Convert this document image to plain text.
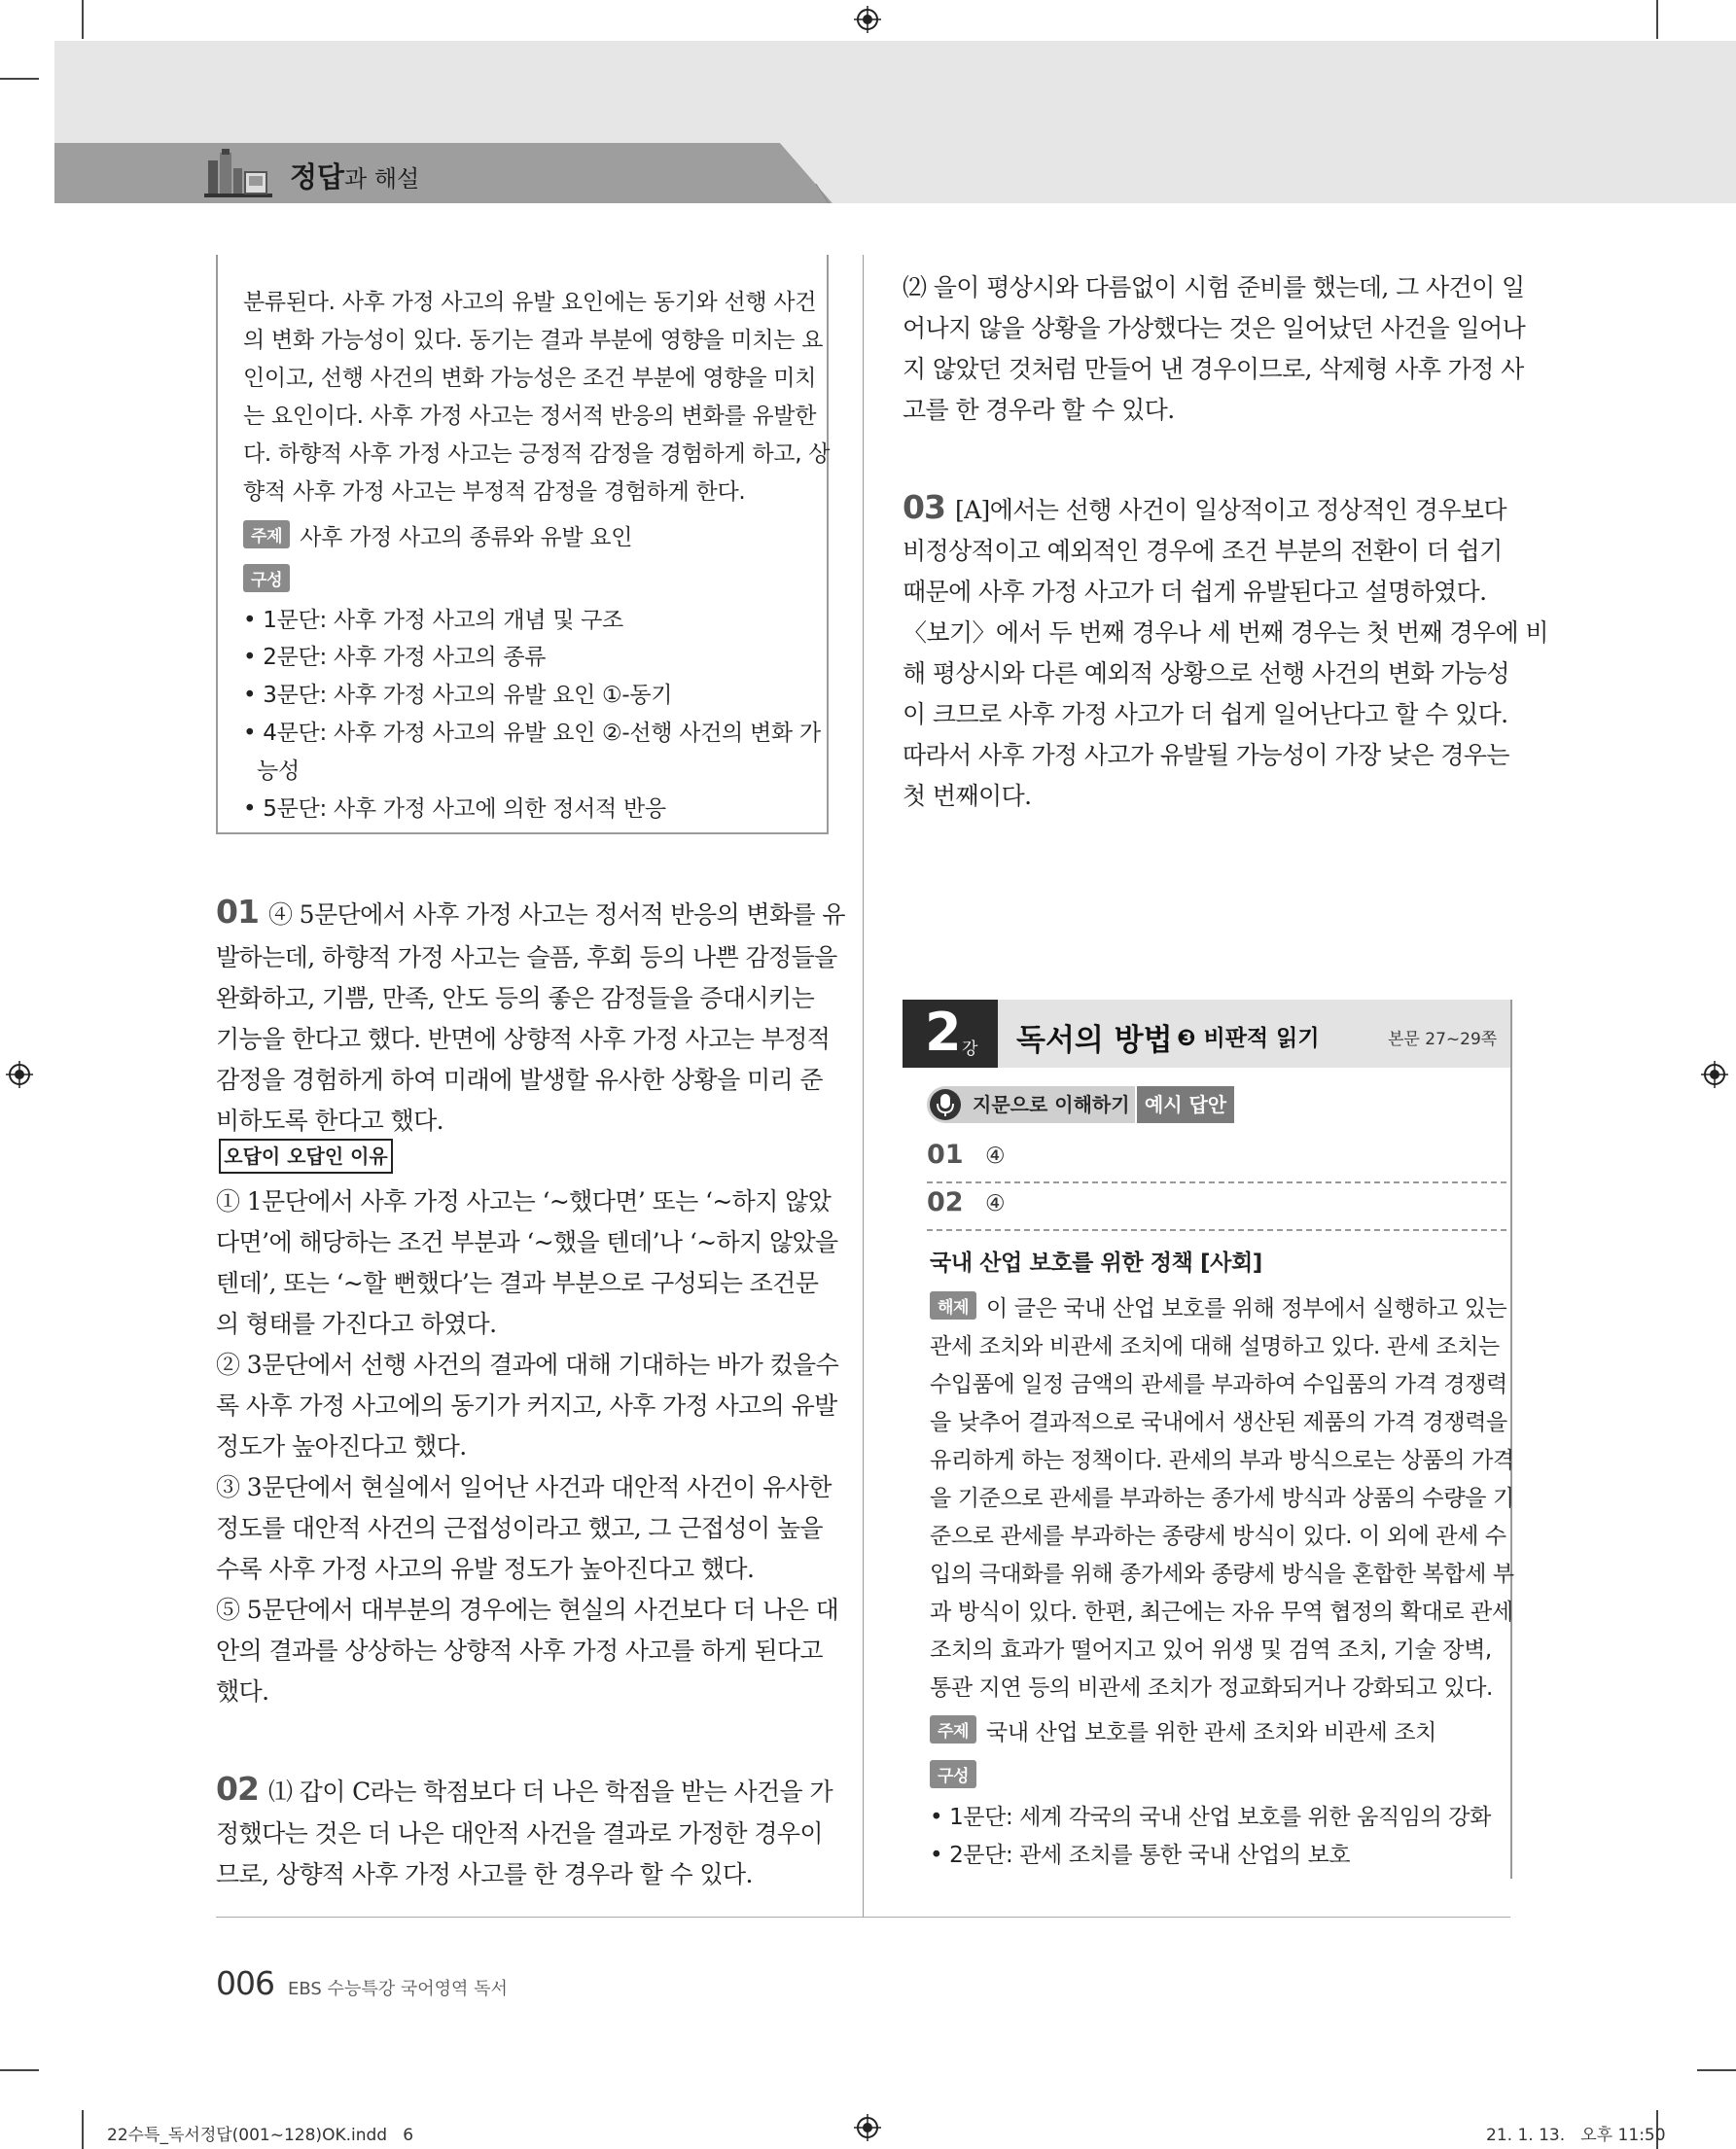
정답과 해설
분류된다. 사후 가정 사고의 유발 요인에는 동기와 선행 사건
의 변화 가능성이 있다. 동기는 결과 부분에 영향을 미치는 요
인이고, 선행 사건의 변화 가능성은 조건 부분에 영향을 미치
는 요인이다. 사후 가정 사고는 정서적 반응의 변화를 유발한
다. 하향적 사후 가정 사고는 긍정적 감정을 경험하게 하고, 상
향적 사후 가정 사고는 부정적 감정을 경험하게 한다.
주제 사후 가정 사고의 종류와 유발 요인
구성
• 1문단: 사후 가정 사고의 개념 및 구조
• 2문단: 사후 가정 사고의 종류
• 3문단: 사후 가정 사고의 유발 요인 ①-동기
• 4문단: 사후 가정 사고의 유발 요인 ②-선행 사건의 변화 가
능성
• 5문단: 사후 가정 사고에 의한 정서적 반응
01 ④ 5문단에서 사후 가정 사고는 정서적 반응의 변화를 유
발하는데, 하향적 가정 사고는 슬픔, 후회 등의 나쁜 감정들을
완화하고, 기쁨, 만족, 안도 등의 좋은 감정들을 증대시키는
기능을 한다고 했다. 반면에 상향적 사후 가정 사고는 부정적
감정을 경험하게 하여 미래에 발생할 유사한 상황을 미리 준
비하도록 한다고 했다.
오답이 오답인 이유
① 1문단에서 사후 가정 사고는 ‘~했다면’ 또는 ‘~하지 않았
다면’에 해당하는 조건 부분과 ‘~했을 텐데’나 ‘~하지 않았을
텐데’, 또는 ‘~할 뻔했다’는 결과 부분으로 구성되는 조건문
의 형태를 가진다고 하였다.
② 3문단에서 선행 사건의 결과에 대해 기대하는 바가 컸을수
록 사후 가정 사고에의 동기가 커지고, 사후 가정 사고의 유발
정도가 높아진다고 했다.
③ 3문단에서 현실에서 일어난 사건과 대안적 사건이 유사한
정도를 대안적 사건의 근접성이라고 했고, 그 근접성이 높을
수록 사후 가정 사고의 유발 정도가 높아진다고 했다.
⑤ 5문단에서 대부분의 경우에는 현실의 사건보다 더 나은 대
안의 결과를 상상하는 상향적 사후 가정 사고를 하게 된다고
했다.
02 ⑴ 갑이 C라는 학점보다 더 나은 학점을 받는 사건을 가
정했다는 것은 더 나은 대안적 사건을 결과로 가정한 경우이
므로, 상향적 사후 가정 사고를 한 경우라 할 수 있다.
⑵ 을이 평상시와 다름없이 시험 준비를 했는데, 그 사건이 일
어나지 않을 상황을 가상했다는 것은 일어났던 사건을 일어나
지 않았던 것처럼 만들어 낸 경우이므로, 삭제형 사후 가정 사
고를 한 경우라 할 수 있다.
03 [A]에서는 선행 사건이 일상적이고 정상적인 경우보다
비정상적이고 예외적인 경우에 조건 부분의 전환이 더 쉽기
때문에 사후 가정 사고가 더 쉽게 유발된다고 설명하였다.
〈보기〉에서 두 번째 경우나 세 번째 경우는 첫 번째 경우에 비
해 평상시와 다른 예외적 상황으로 선행 사건의 변화 가능성
이 크므로 사후 가정 사고가 더 쉽게 일어난다고 할 수 있다.
따라서 사후 가정 사고가 유발될 가능성이 가장 낮은 경우는
첫 번째이다.
2 강 독서의 방법 ❸ 비판적 읽기	본문 27~29쪽
지문으로 이해하기 예시 답안
01 ④
02 ④
국내 산업 보호를 위한 정책 [사회]
해제 이 글은 국내 산업 보호를 위해 정부에서 실행하고 있는
관세 조치와 비관세 조치에 대해 설명하고 있다. 관세 조치는
수입품에 일정 금액의 관세를 부과하여 수입품의 가격 경쟁력
을 낮추어 결과적으로 국내에서 생산된 제품의 가격 경쟁력을
유리하게 하는 정책이다. 관세의 부과 방식으로는 상품의 가격
을 기준으로 관세를 부과하는 종가세 방식과 상품의 수량을 기
준으로 관세를 부과하는 종량세 방식이 있다. 이 외에 관세 수
입의 극대화를 위해 종가세와 종량세 방식을 혼합한 복합세 부
과 방식이 있다. 한편, 최근에는 자유 무역 협정의 확대로 관세
조치의 효과가 떨어지고 있어 위생 및 검역 조치, 기술 장벽,
통관 지연 등의 비관세 조치가 정교화되거나 강화되고 있다.
주제 국내 산업 보호를 위한 관세 조치와 비관세 조치
구성
• 1문단: 세계 각국의 국내 산업 보호를 위한 움직임의 강화
• 2문단: 관세 조치를 통한 국내 산업의 보호
006 EBS 수능특강 국어영역 독서
22수특_독서정답(001~128)OK.indd   6	21. 1. 13.   오후 11:50
